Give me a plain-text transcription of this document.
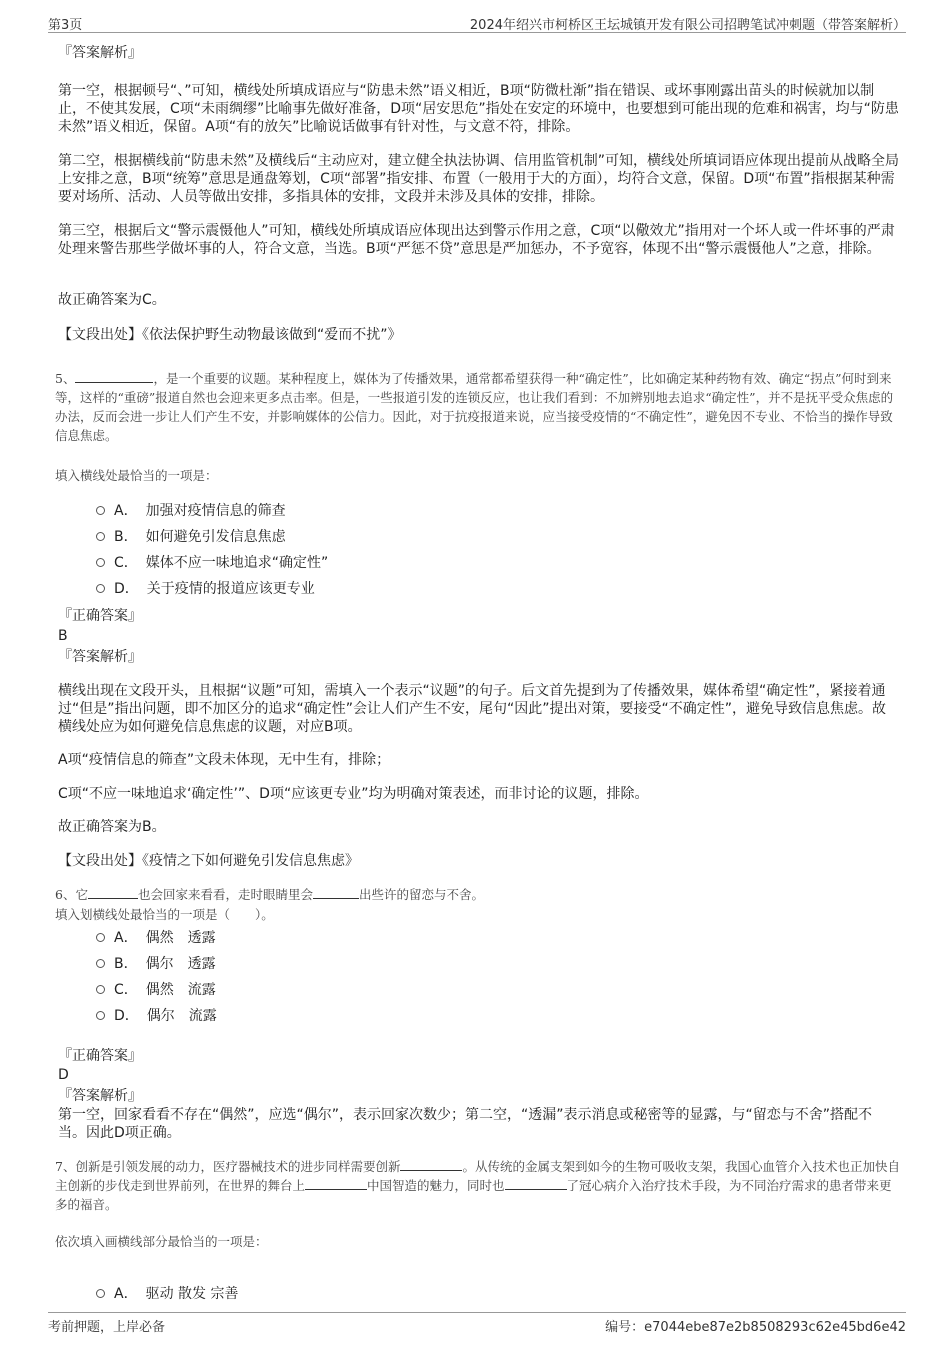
第3页	2024年绍兴市柯桥区王坛城镇开发有限公司招聘笔试冲刺题（带答案解析）
『答案解析』
第一空，根据顿号“、”可知，横线处所填成语应与“防患未然”语义相近，B项“防微杜渐”指在错误、或坏事刚露出苗头的时候就加以制止，不使其发展，C项“未雨绸缪”比喻事先做好准备，D项“居安思危”指处在安定的环境中，也要想到可能出现的危难和祸害，均与“防患未然”语义相近，保留。A项“有的放矢”比喻说话做事有针对性，与文意不符，排除。
第二空，根据横线前“防患未然”及横线后“主动应对，建立健全执法协调、信用监管机制”可知，横线处所填词语应体现出提前从战略全局上安排之意，B项“统筹”意思是通盘筹划，C项“部署”指安排、布置（一般用于大的方面），均符合文意，保留。D项“布置”指根据某种需要对场所、活动、人员等做出安排，多指具体的安排，文段并未涉及具体的安排，排除。
第三空，根据后文“警示震慑他人”可知，横线处所填成语应体现出达到警示作用之意，C项“以儆效尤”指用对一个坏人或一件坏事的严肃处理来警告那些学做坏事的人，符合文意，当选。B项“严惩不贷”意思是严加惩办，不予宽容，体现不出“警示震慑他人”之意，排除。
故正确答案为C。
【文段出处】《依法保护野生动物最该做到“爱而不扰”》
5、	，是一个重要的议题。某种程度上，媒体为了传播效果，通常都希望获得一种“确定性”，比如确定某种药物有效、确定“拐点”何时到来等，这样的“重磅”报道自然也会迎来更多点击率。但是，一些报道引发的连锁反应，也让我们看到：不加辨别地去追求“确定性”，并不是抚平受众焦虑的办法，反而会进一步让人们产生不安，并影响媒体的公信力。因此，对于抗疫报道来说，应当接受疫情的“不确定性”，避免因不专业、不恰当的操作导致信息焦虑。
填入横线处最恰当的一项是：
A． 加强对疫情信息的筛查
B． 如何避免引发信息焦虑
C． 媒体不应一味地追求“确定性”
D． 关于疫情的报道应该更专业
『正确答案』
B
『答案解析』
横线出现在文段开头，且根据“议题”可知，需填入一个表示“议题”的句子。后文首先提到为了传播效果，媒体希望“确定性”，紧接着通过“但是”指出问题，即不加区分的追求“确定性”会让人们产生不安，尾句“因此”提出对策，要接受“不确定性”，避免导致信息焦虑。故横线处应为如何避免信息焦虑的议题，对应B项。
A项“疫情信息的筛查”文段未体现，无中生有，排除；
C项“不应一味地追求‘确定性’”、D项“应该更专业”均为明确对策表述，而非讨论的议题，排除。
故正确答案为B。
【文段出处】《疫情之下如何避免引发信息焦虑》
6、它	也会回家来看看，走时眼睛里会	出些许的留恋与不舍。
填入划横线处最恰当的一项是（　　）。
A． 偶然　透露
B． 偶尔　透露
C． 偶然　流露
D． 偶尔　流露
『正确答案』
D
『答案解析』
第一空，回家看看不存在“偶然”，应选“偶尔”，表示回家次数少；第二空，“透漏”表示消息或秘密等的显露，与“留恋与不舍”搭配不当。因此D项正确。
7、创新是引领发展的动力，医疗器械技术的进步同样需要创新	。从传统的金属支架到如今的生物可吸收支架，我国心血管介入技术也正加快自主创新的步伐走到世界前列，在世界的舞台上	中国智造的魅力，同时也	了冠心病介入治疗技术手段，为不同治疗需求的患者带来更多的福音。
依次填入画横线部分最恰当的一项是：
A． 驱动 散发 宗善
考前押题，上岸必备	编号：e7044ebe87e2b8508293c62e45bd6e42
